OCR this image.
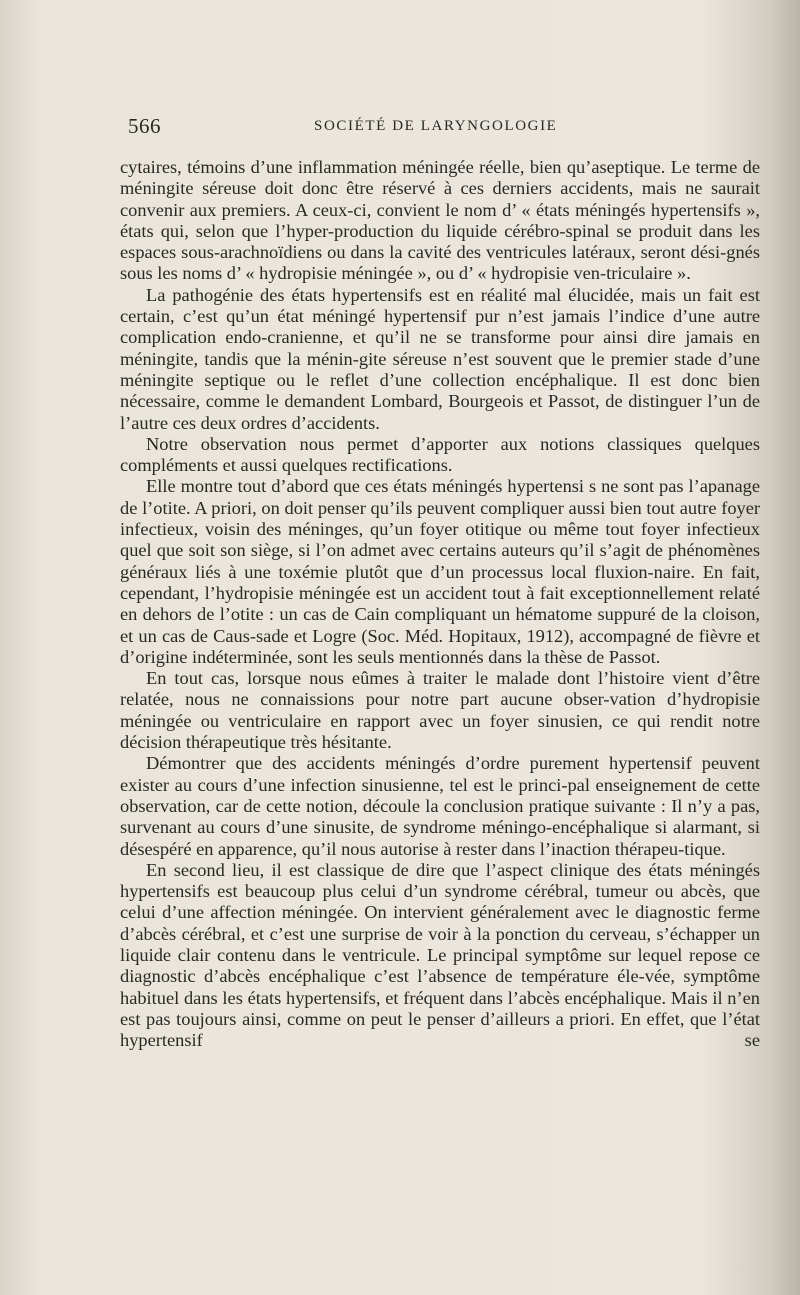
566	SOCIÉTÉ DE LARYNGOLOGIE

cytaires, témoins d’une inflammation méningée réelle, bien qu’aseptique. Le terme de méningite séreuse doit donc être réservé à ces derniers accidents, mais ne saurait convenir aux premiers. A ceux-ci, convient le nom d’ « états méningés hypertensifs », états qui, selon que l’hyper-production du liquide cérébro-spinal se produit dans les espaces sous-arachnoïdiens ou dans la cavité des ventricules latéraux, seront dési-gnés sous les noms d’ « hydropisie méningée », ou d’ « hydropisie ven-triculaire ».

La pathogénie des états hypertensifs est en réalité mal élucidée, mais un fait est certain, c’est qu’un état méningé hypertensif pur n’est jamais l’indice d’une autre complication endo-cranienne, et qu’il ne se transforme pour ainsi dire jamais en méningite, tandis que la ménin-gite séreuse n’est souvent que le premier stade d’une méningite septique ou le reflet d’une collection encéphalique. Il est donc bien nécessaire, comme le demandent Lombard, Bourgeois et Passot, de distinguer l’un de l’autre ces deux ordres d’accidents.

Notre observation nous permet d’apporter aux notions classiques quelques compléments et aussi quelques rectifications.

Elle montre tout d’abord que ces états méningés hypertensi s ne sont pas l’apanage de l’otite. A priori, on doit penser qu’ils peuvent compliquer aussi bien tout autre foyer infectieux, voisin des méninges, qu’un foyer otitique ou même tout foyer infectieux quel que soit son siège, si l’on admet avec certains auteurs qu’il s’agit de phénomènes généraux liés à une toxémie plutôt que d’un processus local fluxion-naire. En fait, cependant, l’hydropisie méningée est un accident tout à fait exceptionnellement relaté en dehors de l’otite : un cas de Cain compliquant un hématome suppuré de la cloison, et un cas de Caus-sade et Logre (Soc. Méd. Hopitaux, 1912), accompagné de fièvre et d’origine indéterminée, sont les seuls mentionnés dans la thèse de Passot.

En tout cas, lorsque nous eûmes à traiter le malade dont l’histoire vient d’être relatée, nous ne connaissions pour notre part aucune obser-vation d’hydropisie méningée ou ventriculaire en rapport avec un foyer sinusien, ce qui rendit notre décision thérapeutique très hésitante.

Démontrer que des accidents méningés d’ordre purement hypertensif peuvent exister au cours d’une infection sinusienne, tel est le princi-pal enseignement de cette observation, car de cette notion, découle la conclusion pratique suivante : Il n’y a pas, survenant au cours d’une sinusite, de syndrome méningo-encéphalique si alarmant, si désespéré en apparence, qu’il nous autorise à rester dans l’inaction thérapeu-tique.

En second lieu, il est classique de dire que l’aspect clinique des états méningés hypertensifs est beaucoup plus celui d’un syndrome cérébral, tumeur ou abcès, que celui d’une affection méningée. On intervient généralement avec le diagnostic ferme d’abcès cérébral, et c’est une surprise de voir à la ponction du cerveau, s’échapper un liquide clair contenu dans le ventricule. Le principal symptôme sur lequel repose ce diagnostic d’abcès encéphalique c’est l’absence de température éle-vée, symptôme habituel dans les états hypertensifs, et fréquent dans l’abcès encéphalique. Mais il n’en est pas toujours ainsi, comme on peut le penser d’ailleurs a priori. En effet, que l’état hypertensif se
